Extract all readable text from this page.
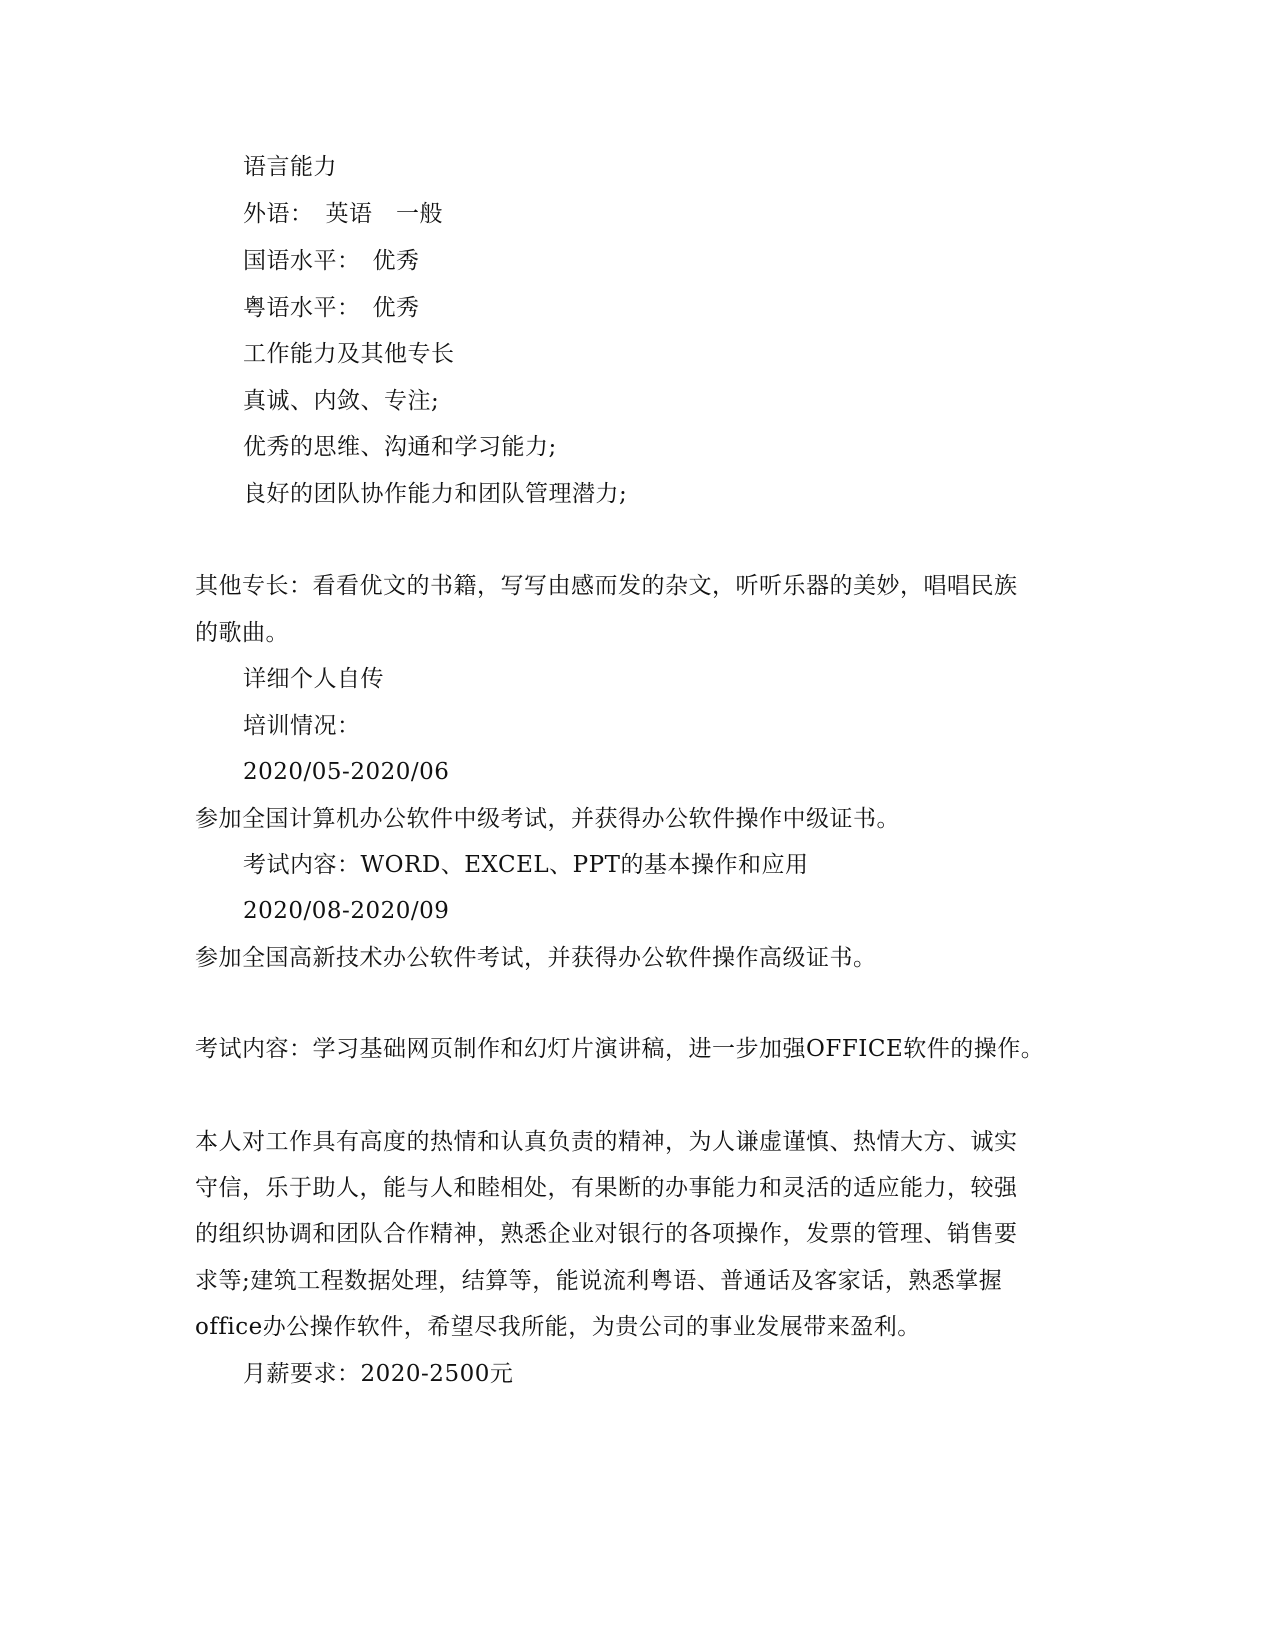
语言能力
外语：　英语　一般
国语水平：　优秀
粤语水平：　优秀
工作能力及其他专长
真诚、内敛、专注;
优秀的思维、沟通和学习能力;
良好的团队协作能力和团队管理潜力;
其他专长：看看优文的书籍，写写由感而发的杂文，听听乐器的美妙，唱唱民族
的歌曲。
详细个人自传
培训情况：
2020/05-2020/06
参加全国计算机办公软件中级考试，并获得办公软件操作中级证书。
考试内容：WORD、EXCEL、PPT的基本操作和应用
2020/08-2020/09
参加全国高新技术办公软件考试，并获得办公软件操作高级证书。
考试内容：学习基础网页制作和幻灯片演讲稿，进一步加强OFFICE软件的操作。
本人对工作具有高度的热情和认真负责的精神，为人谦虚谨慎、热情大方、诚实
守信，乐于助人，能与人和睦相处，有果断的办事能力和灵活的适应能力，较强
的组织协调和团队合作精神，熟悉企业对银行的各项操作，发票的管理、销售要
求等;建筑工程数据处理，结算等，能说流利粤语、普通话及客家话，熟悉掌握
office办公操作软件，希望尽我所能，为贵公司的事业发展带来盈利。
月薪要求：2020-2500元
